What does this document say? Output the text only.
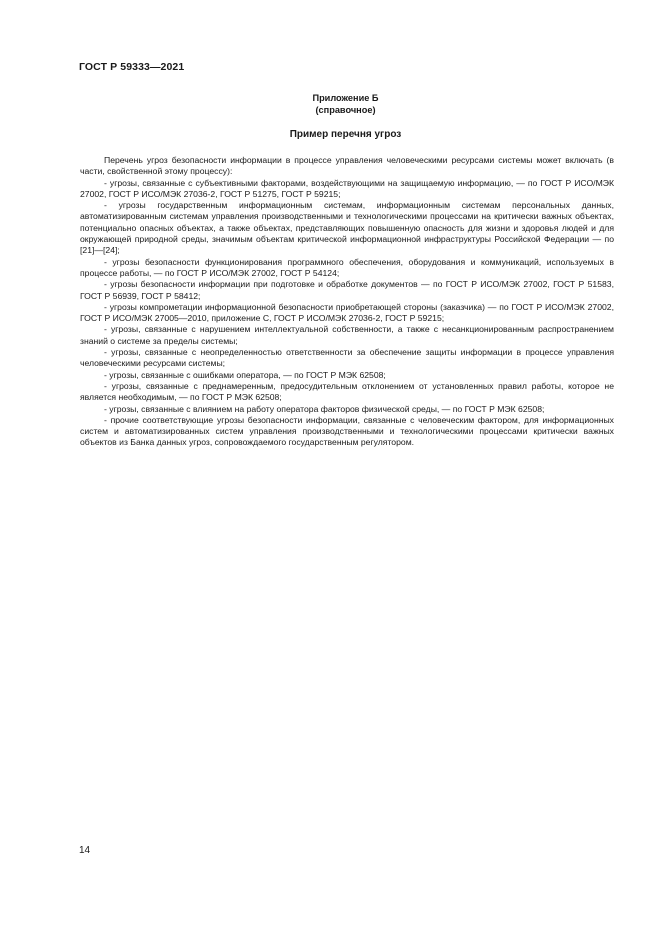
ГОСТ Р 59333—2021
Приложение Б
(справочное)
Пример перечня угроз

Перечень угроз безопасности информации в процессе управления человеческими ресурсами системы может включать (в части, свойственной этому процессу):

- угрозы, связанные с субъективными факторами, воздействующими на защищаемую информацию, — по ГОСТ Р ИСО/МЭК 27002, ГОСТ Р ИСО/МЭК 27036-2, ГОСТ Р 51275, ГОСТ Р 59215;

- угрозы государственным информационным системам, информационным системам персональных данных, автоматизированным системам управления производственными и технологическими процессами на критически важных объектах, потенциально опасных объектах, а также объектах, представляющих повышенную опасность для жизни и здоровья людей и для окружающей природной среды, значимым объектам критической информационной инфраструктуры Российской Федерации — по [21]—[24];

- угрозы безопасности функционирования программного обеспечения, оборудования и коммуникаций, используемых в процессе работы, — по ГОСТ Р ИСО/МЭК 27002, ГОСТ Р 54124;

- угрозы безопасности информации при подготовке и обработке документов — по ГОСТ Р ИСО/МЭК 27002, ГОСТ Р 51583, ГОСТ Р 56939, ГОСТ Р 58412;

- угрозы компрометации информационной безопасности приобретающей стороны (заказчика) — по ГОСТ Р ИСО/МЭК 27002, ГОСТ Р ИСО/МЭК 27005—2010, приложение С, ГОСТ Р ИСО/МЭК 27036-2, ГОСТ Р 59215;

- угрозы, связанные с нарушением интеллектуальной собственности, а также с несанкционированным распространением знаний о системе за пределы системы;

- угрозы, связанные с неопределенностью ответственности за обеспечение защиты информации в процессе управления человеческими ресурсами системы;

- угрозы, связанные с ошибками оператора, — по ГОСТ Р МЭК 62508;

- угрозы, связанные с преднамеренным, предосудительным отклонением от установленных правил работы, которое не является необходимым, — по ГОСТ Р МЭК 62508;

- угрозы, связанные с влиянием на работу оператора факторов физической среды, — по ГОСТ Р МЭК 62508;

- прочие соответствующие угрозы безопасности информации, связанные с человеческим фактором, для информационных систем и автоматизированных систем управления производственными и технологическими процессами критически важных объектов из Банка данных угроз, сопровождаемого государственным регулятором.

14
